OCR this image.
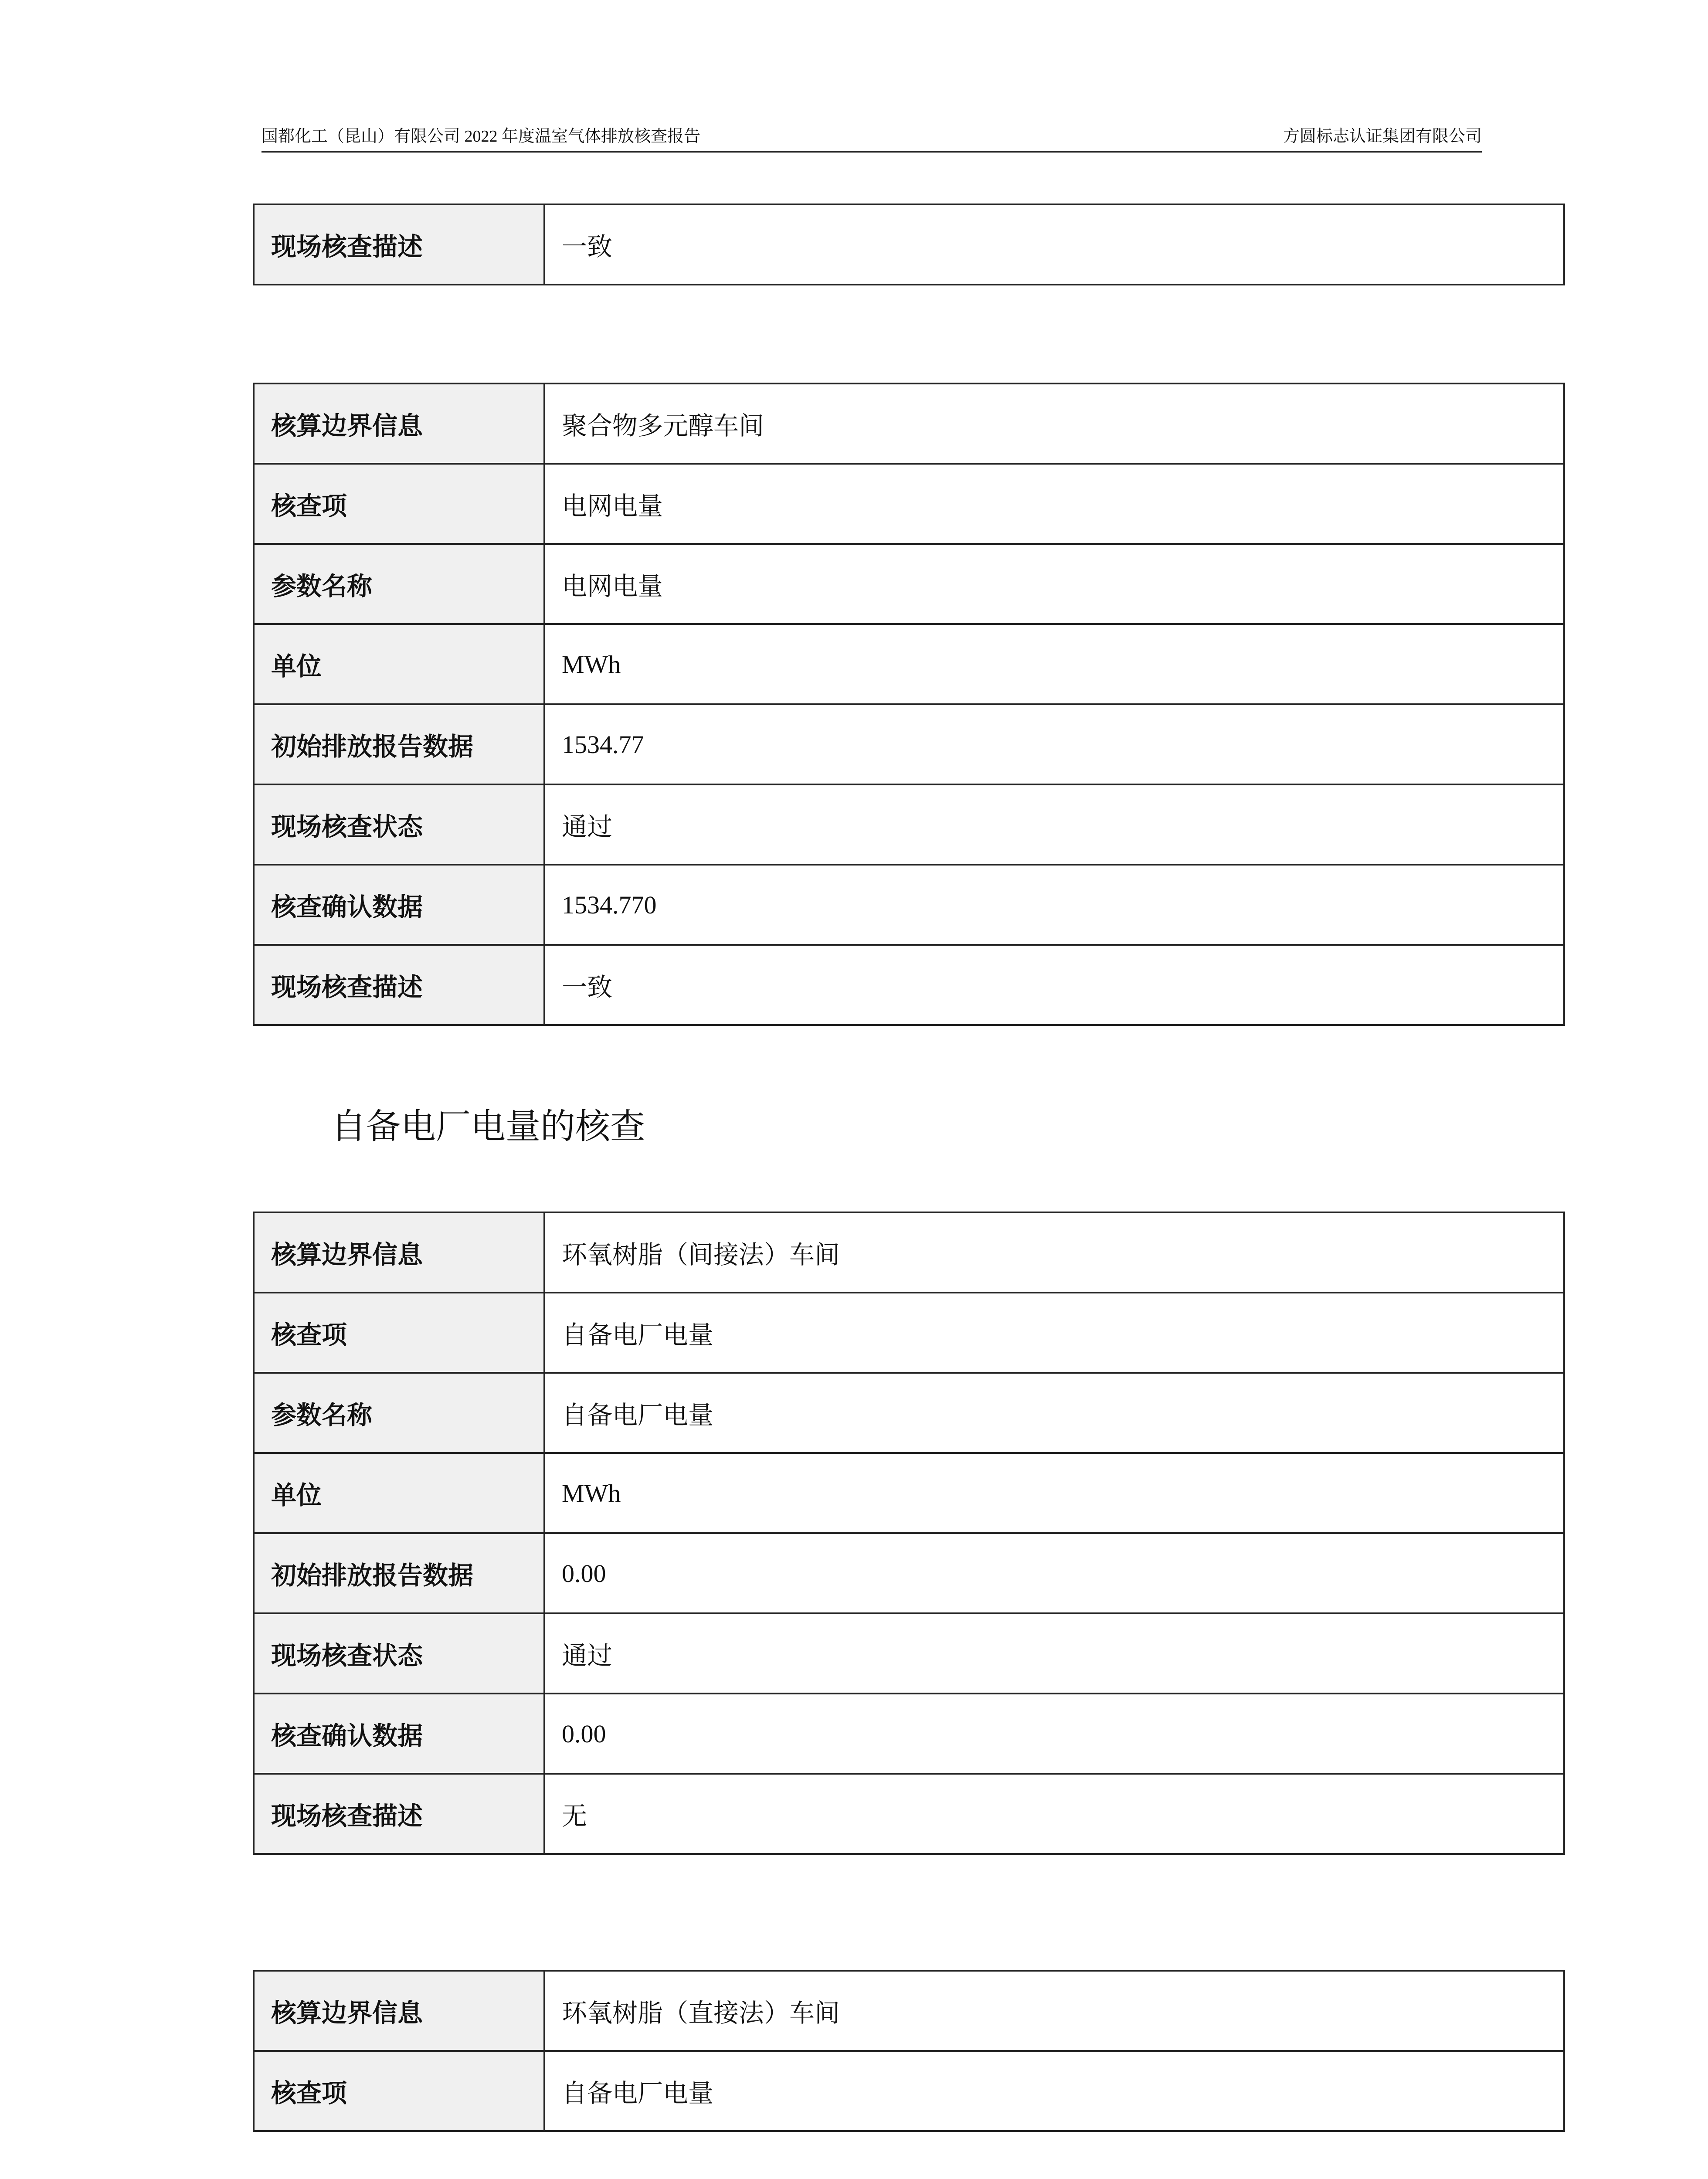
国都化工（昆山）有限公司 2022 年度温室气体排放核查报告	方圆标志认证集团有限公司
现场核查描述	一致
核算边界信息	聚合物多元醇车间
核查项	电网电量
参数名称	电网电量
单位	MWh
初始排放报告数据	1534.77
现场核查状态	通过
核查确认数据	1534.770
现场核查描述	一致
自备电厂电量的核查
核算边界信息	环氧树脂（间接法）车间
核查项	自备电厂电量
参数名称	自备电厂电量
单位	MWh
初始排放报告数据	0.00
现场核查状态	通过
核查确认数据	0.00
现场核查描述	无
核算边界信息	环氧树脂（直接法）车间
核查项	自备电厂电量
